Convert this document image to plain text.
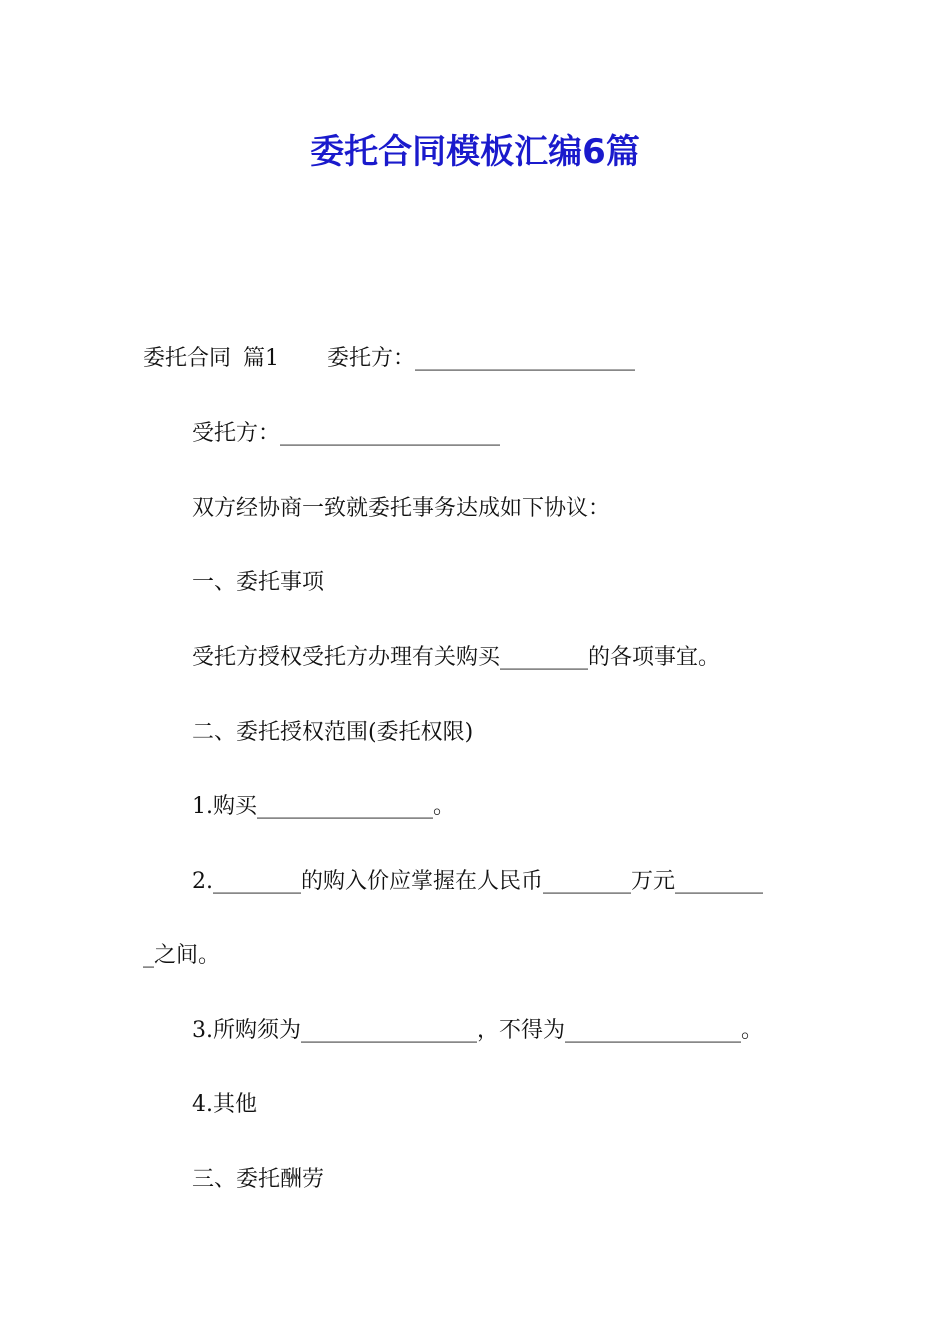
委托合同模板汇编6篇

委托合同 篇1 委托方：____________________

受托方：____________________

双方经协商一致就委托事务达成如下协议：

一、委托事项

受托方授权受托方办理有关购买________的各项事宜。

二、委托授权范围(委托权限)

1.购买________________。

2.________的购入价应掌握在人民币________万元________

_之间。

3.所购须为________________，不得为________________。

4.其他

三、委托酬劳
